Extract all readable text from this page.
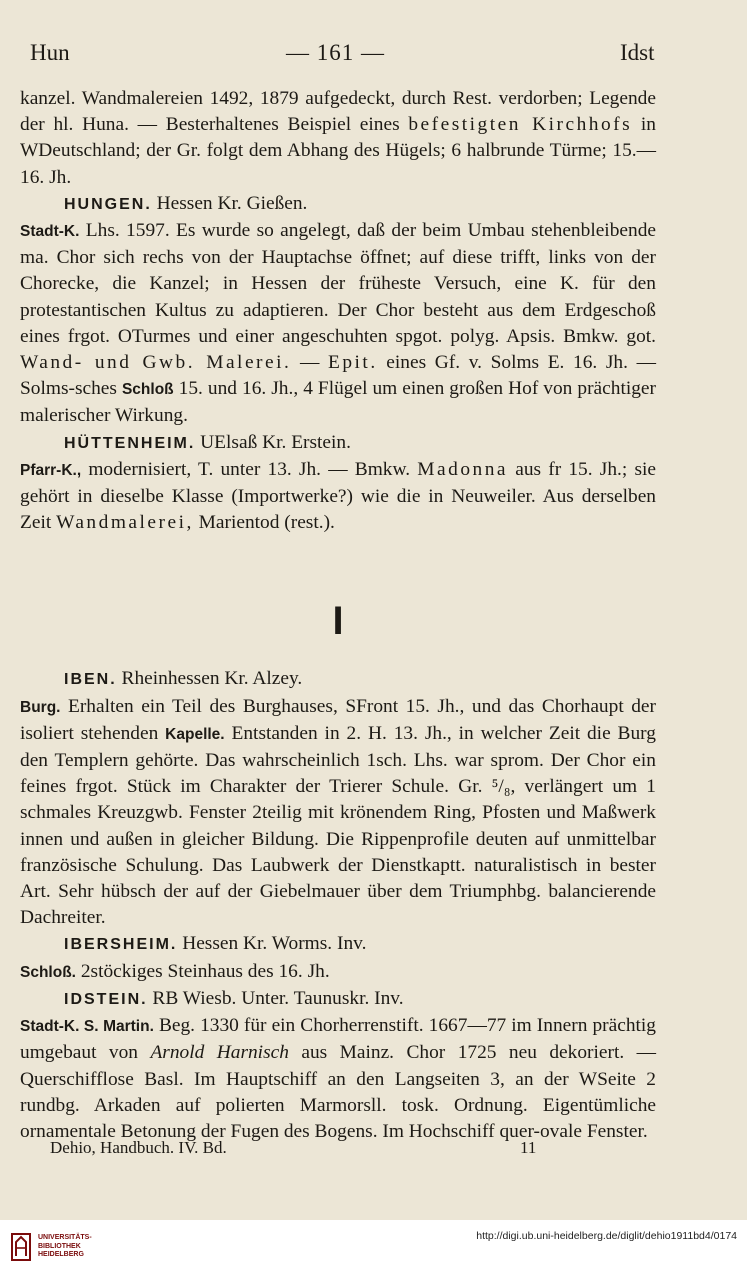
Hun	— 161 —	Idst

kanzel. Wandmalereien 1492, 1879 aufgedeckt, durch Rest. verdorben; Legende der hl. Huna. — Besterhaltenes Beispiel eines befestigten Kirchhofs in WDeutschland; der Gr. folgt dem Abhang des Hügels; 6 halbrunde Türme; 15.—16. Jh.

HUNGEN. Hessen Kr. Gießen.

Stadt-K. Lhs. 1597. Es wurde so angelegt, daß der beim Umbau stehenbleibende ma. Chor sich rechs von der Hauptachse öffnet; auf diese trifft, links von der Chorecke, die Kanzel; in Hessen der früheste Versuch, eine K. für den protestantischen Kultus zu adaptieren. Der Chor besteht aus dem Erdgeschoß eines frgot. OTurmes und einer angeschuhten spgot. polyg. Apsis. Bmkw. got. Wand- und Gwb. Malerei. — Epit. eines Gf. v. Solms E. 16. Jh. — Solms-sches Schloß 15. und 16. Jh., 4 Flügel um einen großen Hof von prächtiger malerischer Wirkung.

HÜTTENHEIM. UElsaß Kr. Erstein.

Pfarr-K., modernisiert, T. unter 13. Jh. — Bmkw. Madonna aus fr 15. Jh.; sie gehört in dieselbe Klasse (Importwerke?) wie die in Neuweiler. Aus derselben Zeit Wandmalerei, Marientod (rest.).

I

IBEN. Rheinhessen Kr. Alzey.

Burg. Erhalten ein Teil des Burghauses, SFront 15. Jh., und das Chorhaupt der isoliert stehenden Kapelle. Entstanden in 2. H. 13. Jh., in welcher Zeit die Burg den Templern gehörte. Das wahrscheinlich 1sch. Lhs. war sprom. Der Chor ein feines frgot. Stück im Charakter der Trierer Schule. Gr. ⁵/₈, verlängert um 1 schmales Kreuzgwb. Fenster 2teilig mit krönendem Ring, Pfosten und Maßwerk innen und außen in gleicher Bildung. Die Rippenprofile deuten auf unmittelbar französische Schulung. Das Laubwerk der Dienstkaptt. naturalistisch in bester Art. Sehr hübsch der auf der Giebelmauer über dem Triumphbg. balancierende Dachreiter.

IBERSHEIM. Hessen Kr. Worms. Inv.

Schloß. 2stöckiges Steinhaus des 16. Jh.

IDSTEIN. RB Wiesb. Unter. Taunuskr. Inv.

Stadt-K. S. Martin. Beg. 1330 für ein Chorherrenstift. 1667—77 im Innern prächtig umgebaut von Arnold Harnisch aus Mainz. Chor 1725 neu dekoriert. — Querschifflose Basl. Im Hauptschiff an den Langseiten 3, an der WSeite 2 rundbg. Arkaden auf polierten Marmorsll. tosk. Ordnung. Eigentümliche ornamentale Betonung der Fugen des Bogens. Im Hochschiff quer-ovale Fenster.

Dehio, Handbuch. IV. Bd.	11
UNIVERSITÄTS-
BIBLIOTHEK
HEIDELBERG
http://digi.ub.uni-heidelberg.de/diglit/dehio1911bd4/0174
